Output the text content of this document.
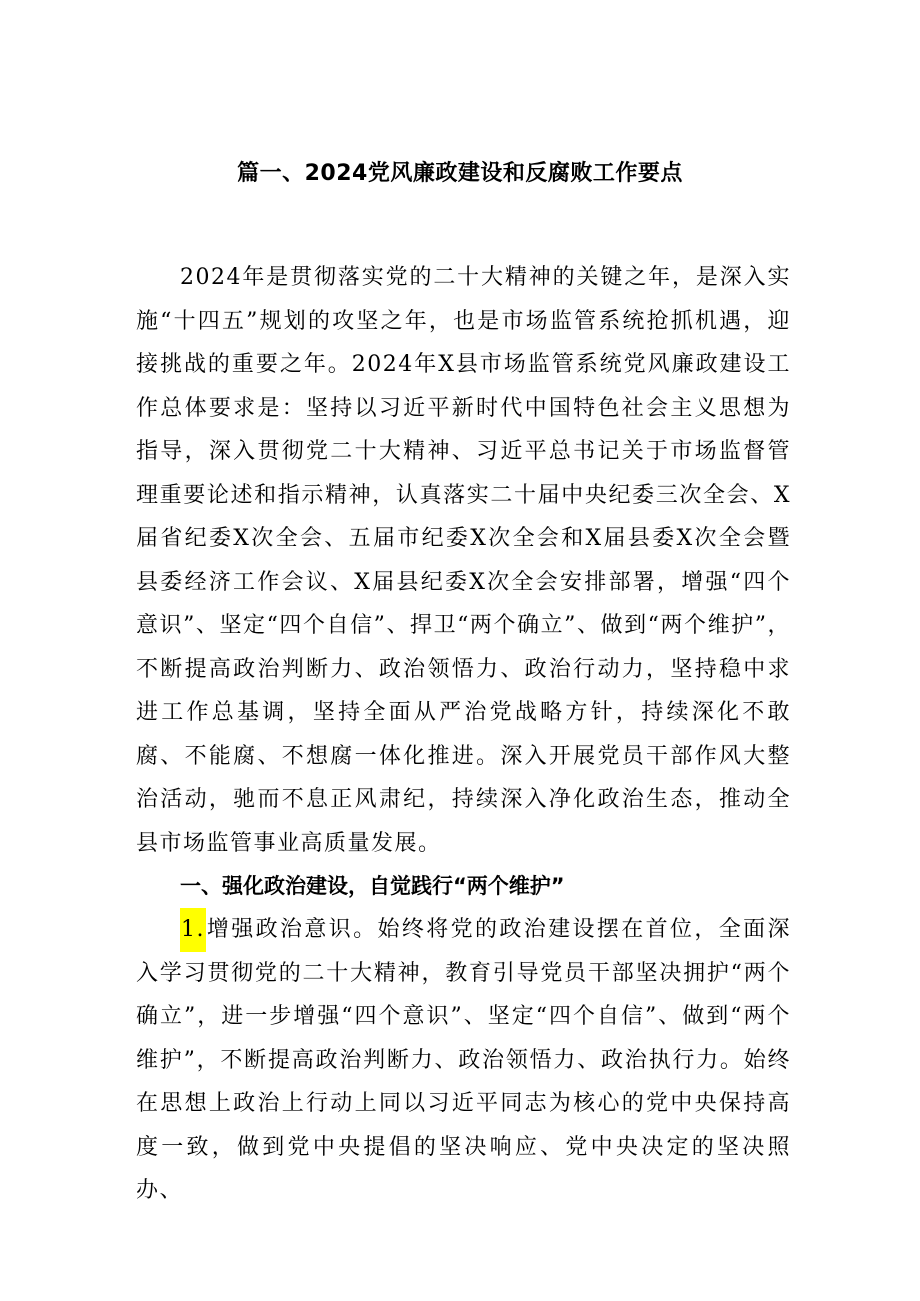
篇一、2024党风廉政建设和反腐败工作要点

2024年是贯彻落实党的二十大精神的关键之年，是深入实施“十四五”规划的攻坚之年，也是市场监管系统抢抓机遇，迎接挑战的重要之年。2024年X县市场监管系统党风廉政建设工作总体要求是：坚持以习近平新时代中国特色社会主义思想为指导，深入贯彻党二十大精神、习近平总书记关于市场监督管理重要论述和指示精神，认真落实二十届中央纪委三次全会、X届省纪委X次全会、五届市纪委X次全会和X届县委X次全会暨县委经济工作会议、X届县纪委X次全会安排部署，增强“四个意识”、坚定“四个自信”、捍卫“两个确立”、做到“两个维护”，不断提高政治判断力、政治领悟力、政治行动力，坚持稳中求进工作总基调，坚持全面从严治党战略方针，持续深化不敢腐、不能腐、不想腐一体化推进。深入开展党员干部作风大整治活动，驰而不息正风肃纪，持续深入净化政治生态，推动全县市场监管事业高质量发展。

一、强化政治建设，自觉践行“两个维护”

1.增强政治意识。始终将党的政治建设摆在首位，全面深入学习贯彻党的二十大精神，教育引导党员干部坚决拥护“两个确立”，进一步增强“四个意识”、坚定“四个自信”、做到“两个维护”，不断提高政治判断力、政治领悟力、政治执行力。始终在思想上政治上行动上同以习近平同志为核心的党中央保持高度一致，做到党中央提倡的坚决响应、党中央决定的坚决照办、
